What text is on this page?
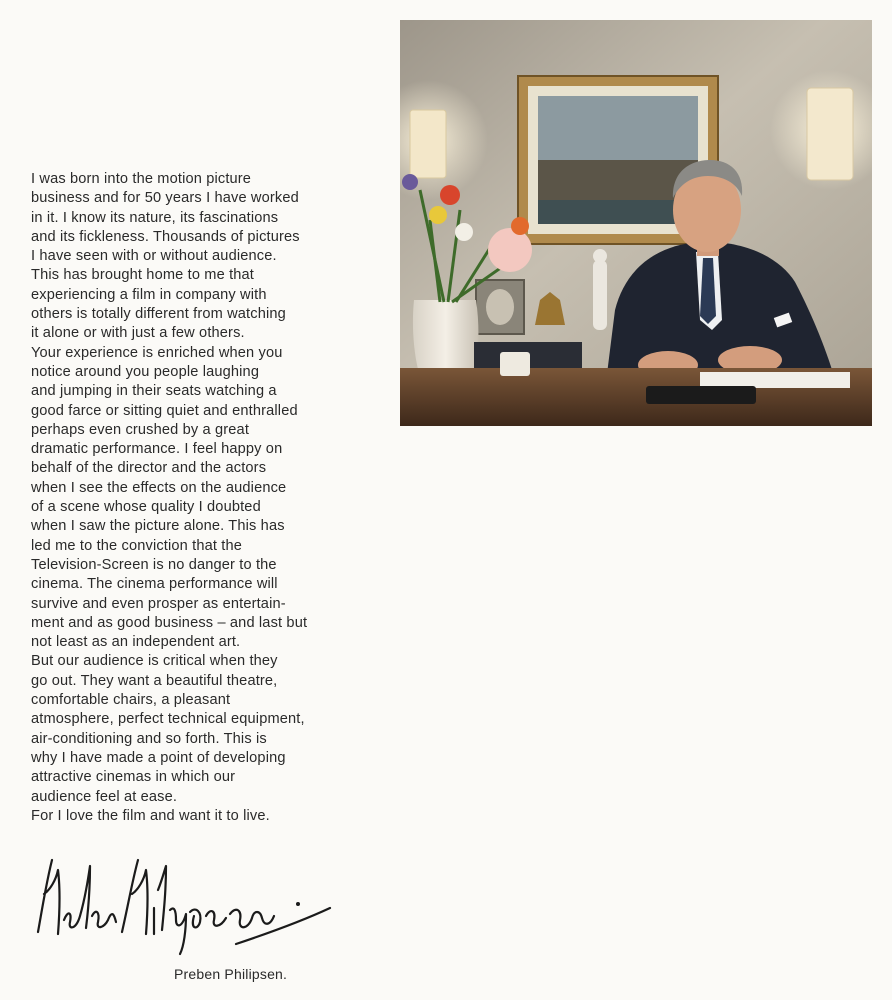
I was born into the motion picture
business and for 50 years I have worked
in it. I know its nature, its fascinations
and its fickleness. Thousands of pictures
I have seen with or without audience.
This has brought home to me that
experiencing a film in company with
others is totally different from watching
it alone or with just a few others.
Your experience is enriched when you
notice around you people laughing
and jumping in their seats watching a
good farce or sitting quiet and enthralled
perhaps even crushed by a great
dramatic performance. I feel happy on
behalf of the director and the actors
when I see the effects on the audience
of a scene whose quality I doubted
when I saw the picture alone. This has
led me to the conviction that the
Television-Screen is no danger to the
cinema. The cinema performance will
survive and even prosper as entertain-
ment and as good business – and last but
not least as an independent art.
But our audience is critical when they
go out. They want a beautiful theatre,
comfortable chairs, a pleasant
atmosphere, perfect technical equipment,
air-conditioning and so forth. This is
why I have made a point of developing
attractive cinemas in which our
audience feel at ease.
For I love the film and want it to live.
Preben Philipsen.
